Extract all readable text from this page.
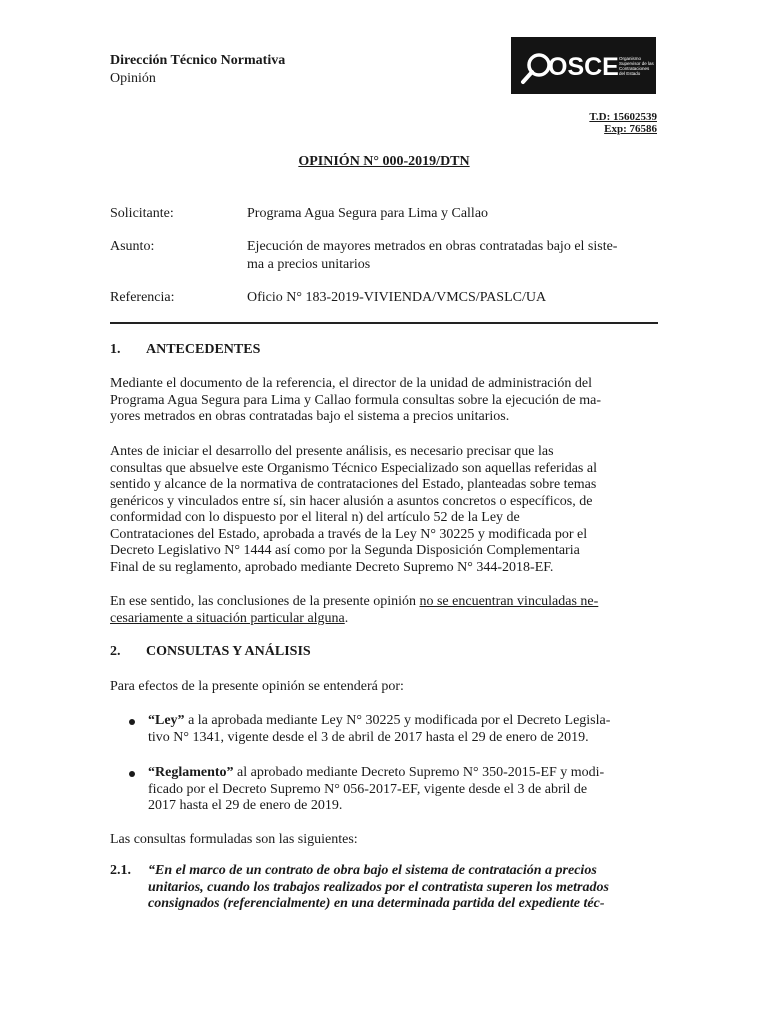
Dirección Técnico Normativa
Opinión	OSCE Organismo
Supervisor de las
Contrataciones
del Estado
T.D: 15602539
Exp: 76586
OPINIÓN N° 000-2019/DTN
Solicitante:	Programa Agua Segura para Lima y Callao
Asunto:	Ejecución de mayores metrados en obras contratadas bajo el siste-
ma a precios unitarios
Referencia:	Oficio N° 183-2019-VIVIENDA/VMCS/PASLC/UA
1. ANTECEDENTES
Mediante el documento de la referencia, el director de la unidad de administración del
Programa Agua Segura para Lima y Callao formula consultas sobre la ejecución de ma-
yores metrados en obras contratadas bajo el sistema a precios unitarios.
Antes de iniciar el desarrollo del presente análisis, es necesario precisar que las
consultas que absuelve este Organismo Técnico Especializado son aquellas referidas al
sentido y alcance de la normativa de contrataciones del Estado, planteadas sobre temas
genéricos y vinculados entre sí, sin hacer alusión a asuntos concretos o específicos, de
conformidad con lo dispuesto por el literal n) del artículo 52 de la Ley de
Contrataciones del Estado, aprobada a través de la Ley N° 30225 y modificada por el
Decreto Legislativo N° 1444 así como por la Segunda Disposición Complementaria
Final de su reglamento, aprobado mediante Decreto Supremo N° 344-2018-EF.
En ese sentido, las conclusiones de la presente opinión no se encuentran vinculadas ne-
cesariamente a situación particular alguna.
2. CONSULTAS Y ANÁLISIS
Para efectos de la presente opinión se entenderá por:
“Ley” a la aprobada mediante Ley N° 30225 y modificada por el Decreto Legisla-
tivo N° 1341, vigente desde el 3 de abril de 2017 hasta el 29 de enero de 2019.
“Reglamento” al aprobado mediante Decreto Supremo N° 350-2015-EF y modi-
ficado por el Decreto Supremo N° 056-2017-EF, vigente desde el 3 de abril de
2017 hasta el 29 de enero de 2019.
Las consultas formuladas son las siguientes:
2.1. “En el marco de un contrato de obra bajo el sistema de contratación a precios
unitarios, cuando los trabajos realizados por el contratista superen los metrados
consignados (referencialmente) en una determinada partida del expediente téc-
